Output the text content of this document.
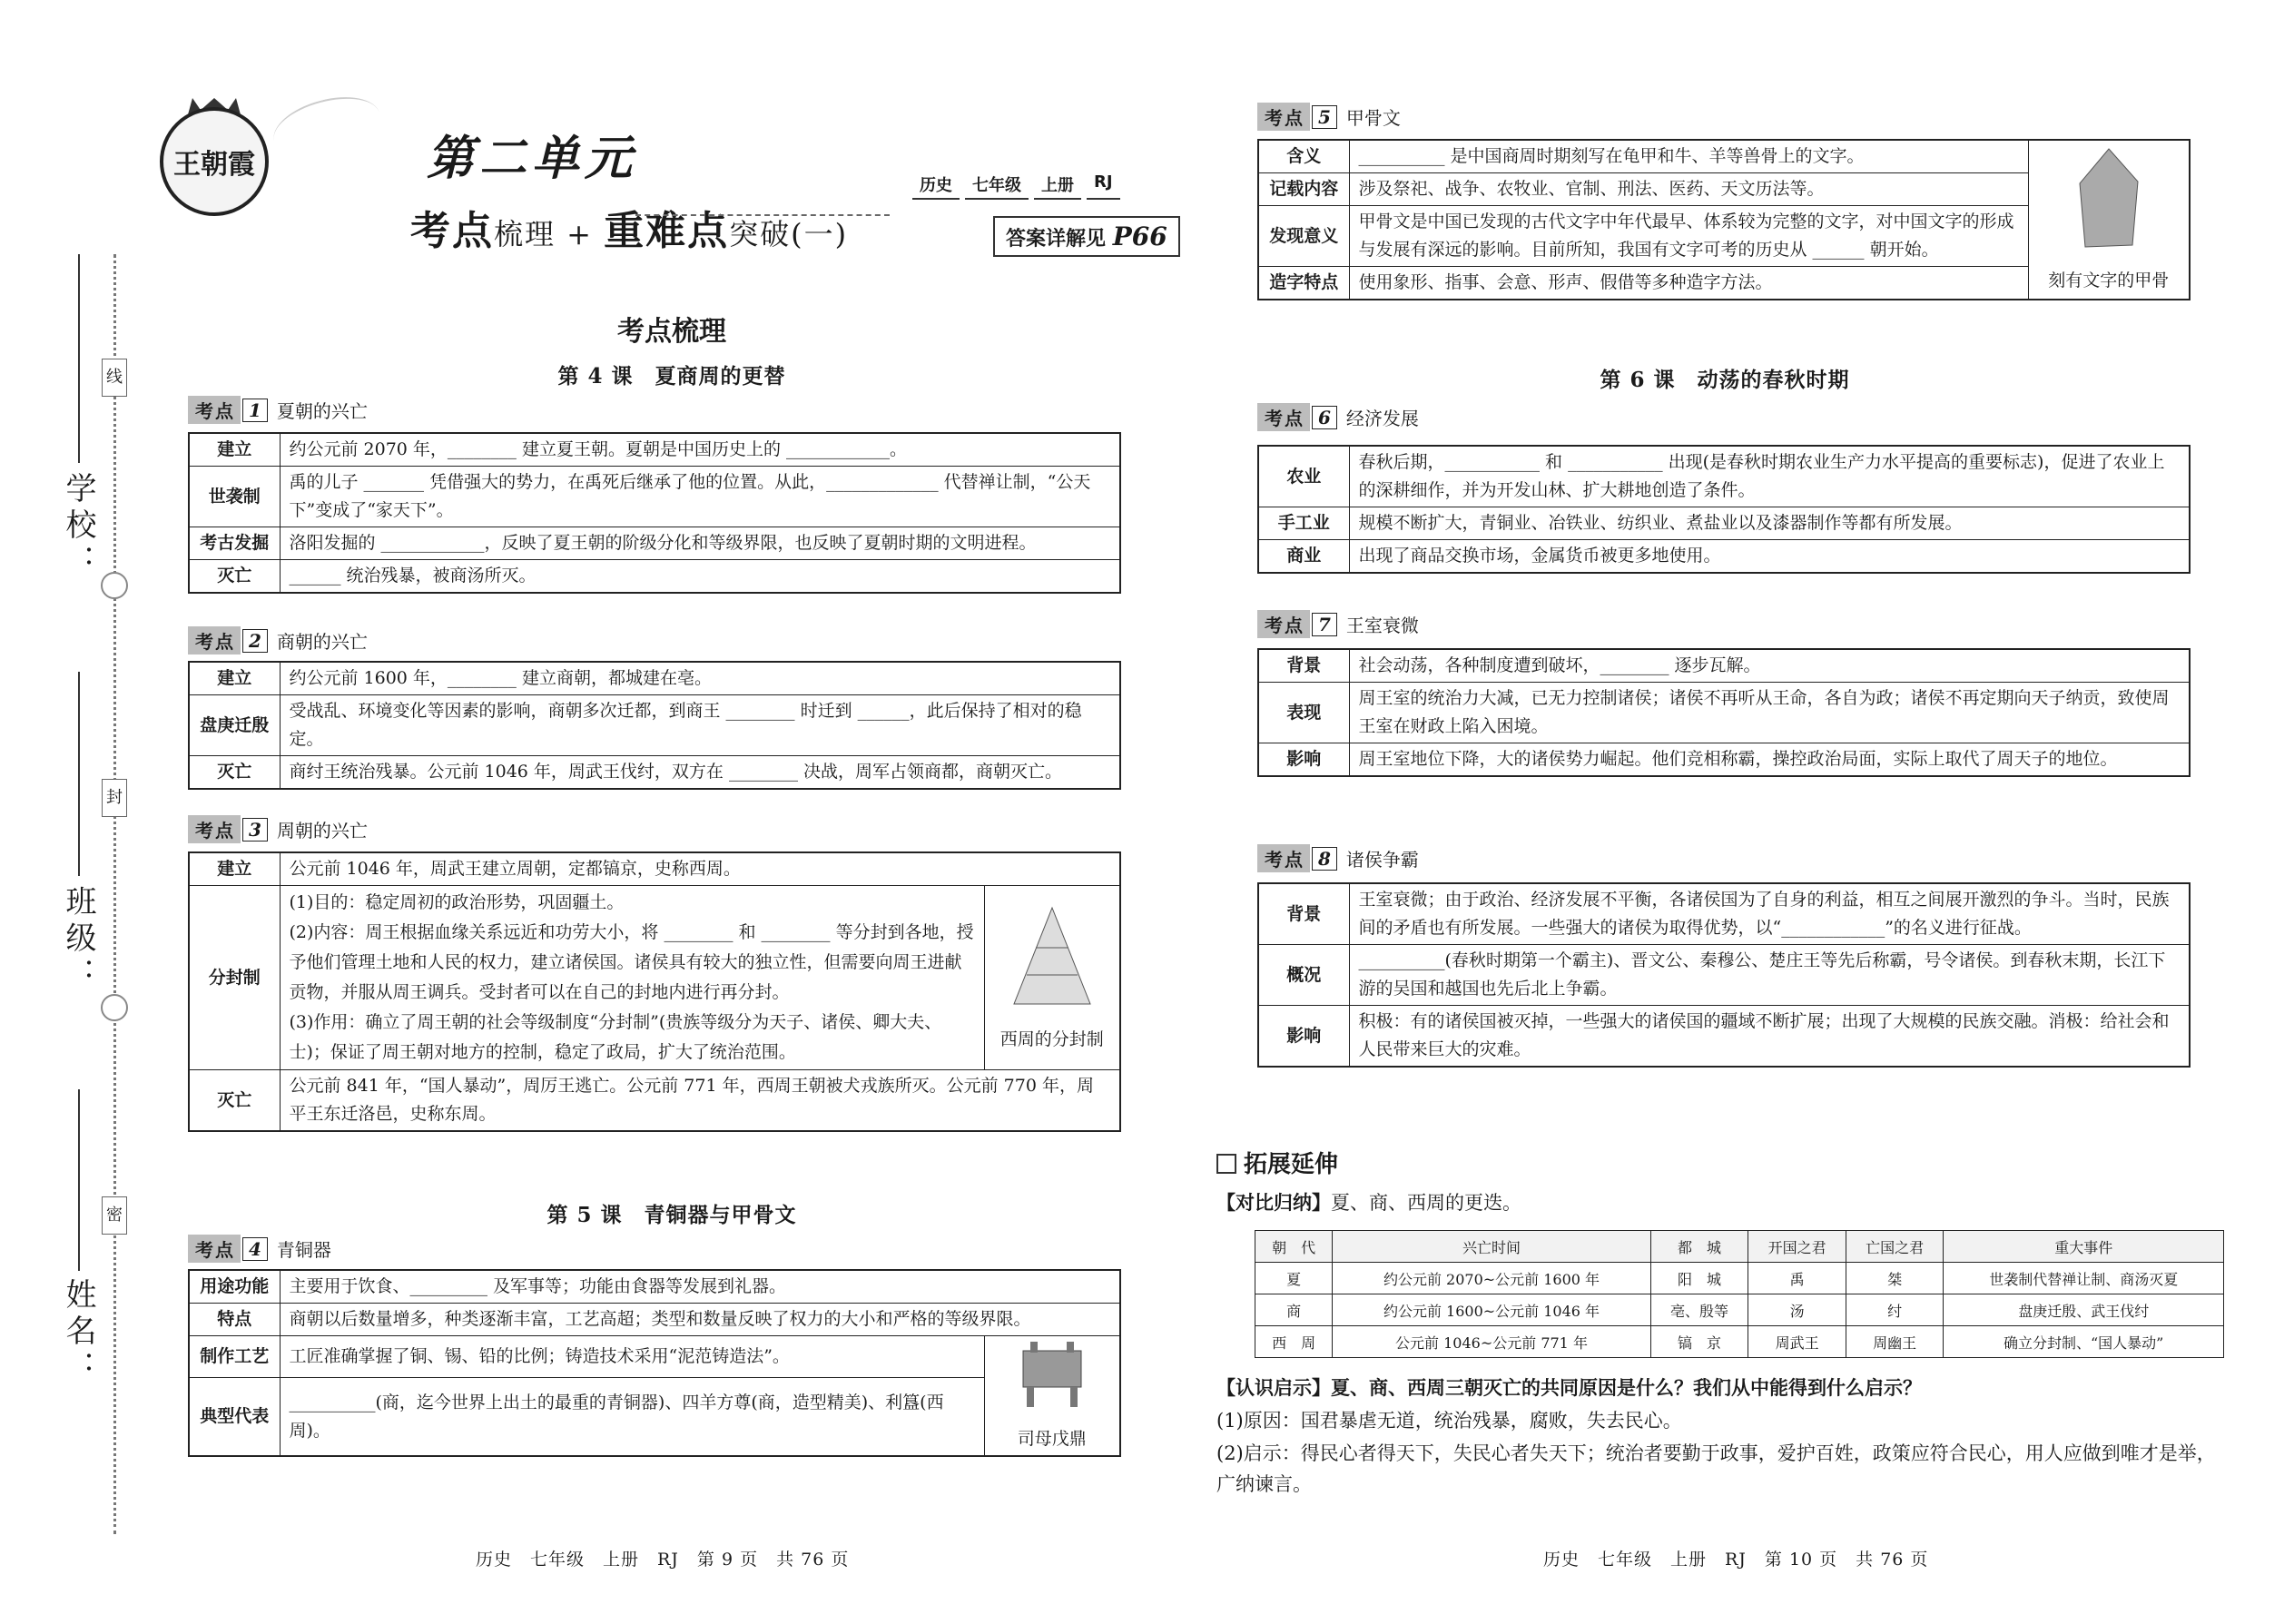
线
封
密
学校：
班级：
姓名：
王朝霞	第二单元
考点梳理 + 重难点突破(一)
历史	七年级	上册	RJ
答案详解见 P66
考点梳理
第 4 课　夏商周的更替
考点 1 夏朝的兴亡
建立	约公元前 2070 年，________ 建立夏王朝。夏朝是中国历史上的 ____________。
世袭制	禹的儿子 _______ 凭借强大的势力，在禹死后继承了他的位置。从此，_____________ 代替禅让制，“公天下”变成了“家天下”。
考古发掘	洛阳发掘的 ____________，反映了夏王朝的阶级分化和等级界限，也反映了夏朝时期的文明进程。
灭亡	______ 统治残暴，被商汤所灭。
考点 2 商朝的兴亡
建立	约公元前 1600 年，________ 建立商朝，都城建在亳。
盘庚迁殷	受战乱、环境变化等因素的影响，商朝多次迁都，到商王 ________ 时迁到 ______，此后保持了相对的稳定。
灭亡	商纣王统治残暴。公元前 1046 年，周武王伐纣，双方在 ________ 决战，周军占领商都，商朝灭亡。
考点 3 周朝的兴亡
建立	公元前 1046 年，周武王建立周朝，定都镐京，史称西周。	
分封制	(1)目的：稳定周初的政治形势，巩固疆土。
(2)内容：周王根据血缘关系远近和功劳大小，将 ________ 和 ________ 等分封到各地，授予他们管理土地和人民的权力，建立诸侯国。诸侯具有较大的独立性，但需要向周王进献贡物，并服从周王调兵。受封者可以在自己的封地内进行再分封。
(3)作用：确立了周王朝的社会等级制度“分封制”(贵族等级分为天子、诸侯、卿大夫、士)；保证了周王朝对地方的控制，稳定了政局，扩大了统治范围。	西周的分封制

灭亡	公元前 841 年，“国人暴动”，周厉王逃亡。公元前 771 年，西周王朝被犬戎族所灭。公元前 770 年，周平王东迁洛邑，史称东周。	
第 5 课　青铜器与甲骨文
考点 4 青铜器
用途功能	主要用于饮食、_________ 及军事等；功能由食器等发展到礼器。	
特点	商朝以后数量增多，种类逐渐丰富，工艺高超；类型和数量反映了权力的大小和严格的等级界限。	
制作工艺	工匠准确掌握了铜、锡、铅的比例；铸造技术采用“泥范铸造法”。	司母戊鼎

典型代表	__________(商，迄今世界上出土的最重的青铜器)、四羊方尊(商，造型精美)、利簋(西周)。	
历史　七年级　上册　RJ　第 9 页　共 76 页
考点 5 甲骨文
含义	__________ 是中国商周时期刻写在龟甲和牛、羊等兽骨上的文字。	刻有文字的甲骨

记载内容	涉及祭祀、战争、农牧业、官制、刑法、医药、天文历法等。	
发现意义	甲骨文是中国已发现的古代文字中年代最早、体系较为完整的文字，对中国文字的形成与发展有深远的影响。目前所知，我国有文字可考的历史从 ______ 朝开始。	
造字特点	使用象形、指事、会意、形声、假借等多种造字方法。	
第 6 课　动荡的春秋时期
考点 6 经济发展
农业	春秋后期，___________ 和 ___________ 出现(是春秋时期农业生产力水平提高的重要标志)，促进了农业上的深耕细作，并为开发山林、扩大耕地创造了条件。
手工业	规模不断扩大，青铜业、冶铁业、纺织业、煮盐业以及漆器制作等都有所发展。
商业	出现了商品交换市场，金属货币被更多地使用。
考点 7 王室衰微
背景	社会动荡，各种制度遭到破坏，________ 逐步瓦解。
表现	周王室的统治力大减，已无力控制诸侯；诸侯不再听从王命，各自为政；诸侯不再定期向天子纳贡，致使周王室在财政上陷入困境。
影响	周王室地位下降，大的诸侯势力崛起。他们竞相称霸，操控政治局面，实际上取代了周天子的地位。
考点 8 诸侯争霸
背景	王室衰微；由于政治、经济发展不平衡，各诸侯国为了自身的利益，相互之间展开激烈的争斗。当时，民族间的矛盾也有所发展。一些强大的诸侯为取得优势，以“____________”的名义进行征战。
概况	__________(春秋时期第一个霸主)、晋文公、秦穆公、楚庄王等先后称霸，号令诸侯。到春秋末期，长江下游的吴国和越国也先后北上争霸。
影响	积极：有的诸侯国被灭掉，一些强大的诸侯国的疆域不断扩展；出现了大规模的民族交融。消极：给社会和人民带来巨大的灾难。
拓展延伸
【对比归纳】夏、商、西周的更迭。
朝　代	兴亡时间	都　城	开国之君	亡国之君	重大事件
夏	约公元前 2070~公元前 1600 年	阳　城	禹	桀	世袭制代替禅让制、商汤灭夏
商	约公元前 1600~公元前 1046 年	亳、殷等	汤	纣	盘庚迁殷、武王伐纣
西　周	公元前 1046~公元前 771 年	镐　京	周武王	周幽王	确立分封制、“国人暴动”
【认识启示】夏、商、西周三朝灭亡的共同原因是什么？我们从中能得到什么启示？
(1)原因：国君暴虐无道，统治残暴，腐败，失去民心。
(2)启示：得民心者得天下，失民心者失天下；统治者要勤于政事，爱护百姓，政策应符合民心，用人应做到唯才是举，广纳谏言。
历史　七年级　上册　RJ　第 10 页　共 76 页
